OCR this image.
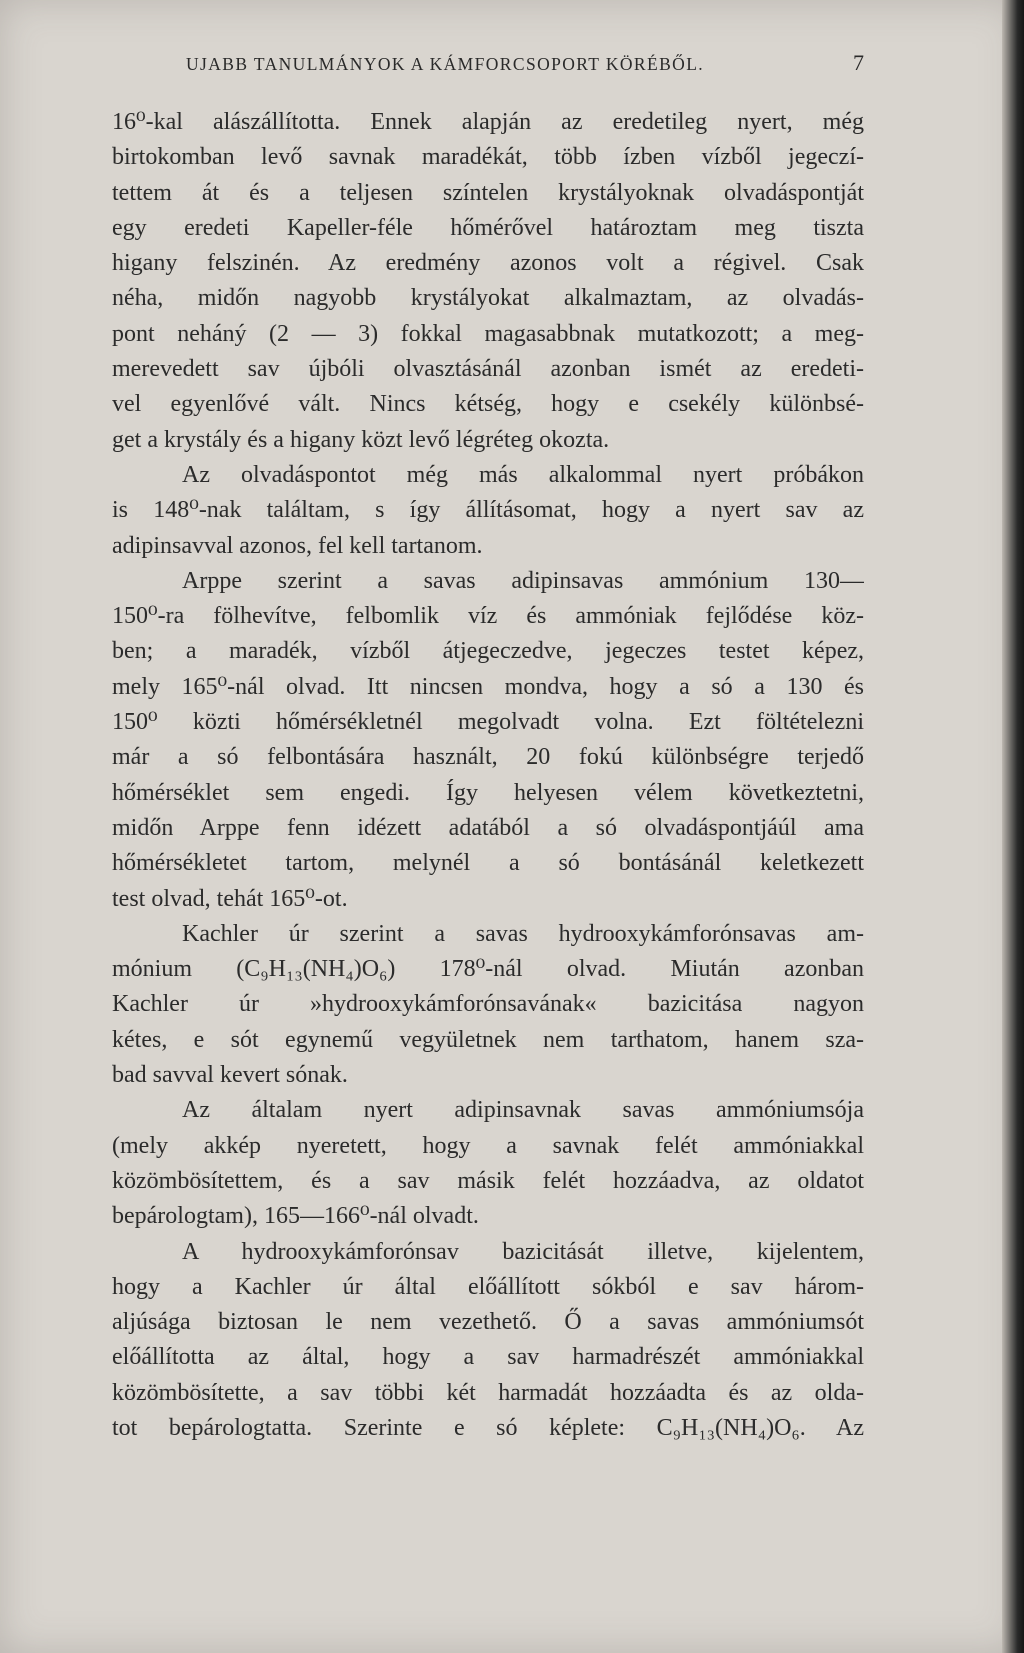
UJABB TANULMÁNYOK A KÁMFORCSOPORT KÖRÉBŐL.	7
16⁰-kal alászállította. Ennek alapján az eredetileg nyert, még
birtokomban levő savnak maradékát, több ízben vízből jegeczí-
tettem át és a teljesen színtelen krystályoknak olvadáspontját
egy eredeti Kapeller-féle hőmérővel határoztam meg tiszta
higany felszinén. Az eredmény azonos volt a régivel. Csak
néha, midőn nagyobb krystályokat alkalmaztam, az olvadás-
pont neháný (2 — 3) fokkal magasabbnak mutatkozott; a meg-
merevedett sav újbóli olvasztásánál azonban ismét az eredeti-
vel egyenlővé vált. Nincs kétség, hogy e csekély különbsé-
get a krystály és a higany közt levő légréteg okozta.
Az olvadáspontot még más alkalommal nyert próbákon
is 148⁰-nak találtam, s így állításomat, hogy a nyert sav az
adipinsavval azonos, fel kell tartanom.
Arppe szerint a savas adipinsavas ammónium 130—
150⁰-ra fölhevítve, felbomlik víz és ammóniak fejlődése köz-
ben; a maradék, vízből átjegeczedve, jegeczes testet képez,
mely 165⁰-nál olvad. Itt nincsen mondva, hogy a só a 130 és
150⁰ közti hőmérsékletnél megolvadt volna. Ezt föltételezni
már a só felbontására használt, 20 fokú különbségre terjedő
hőmérséklet sem engedi. Így helyesen vélem következtetni,
midőn Arppe fenn idézett adatából a só olvadáspontjáúl ama
hőmérsékletet tartom, melynél a só bontásánál keletkezett
test olvad, tehát 165⁰-ot.
Kachler úr szerint a savas hydrooxykámforónsavas am-
mónium (C₉H₁₃(NH₄)O₆) 178⁰-nál olvad. Miután azonban
Kachler úr »hydrooxykámforónsavának« bazicitása nagyon
kétes, e sót egynemű vegyületnek nem tarthatom, hanem sza-
bad savval kevert sónak.
Az általam nyert adipinsavnak savas ammóniumsója
(mely akkép nyeretett, hogy a savnak felét ammóniakkal
közömbösítettem, és a sav másik felét hozzáadva, az oldatot
bepárologtam), 165—166⁰-nál olvadt.
A hydrooxykámforónsav bazicitását illetve, kijelentem,
hogy a Kachler úr által előállított sókból e sav három-
aljúsága biztosan le nem vezethető. Ő a savas ammóniumsót
előállította az által, hogy a sav harmadrészét ammóniakkal
közömbösítette, a sav többi két harmadát hozzáadta és az olda-
tot bepárologtatta. Szerinte e só képlete: C₉H₁₃(NH₄)O₆. Az
